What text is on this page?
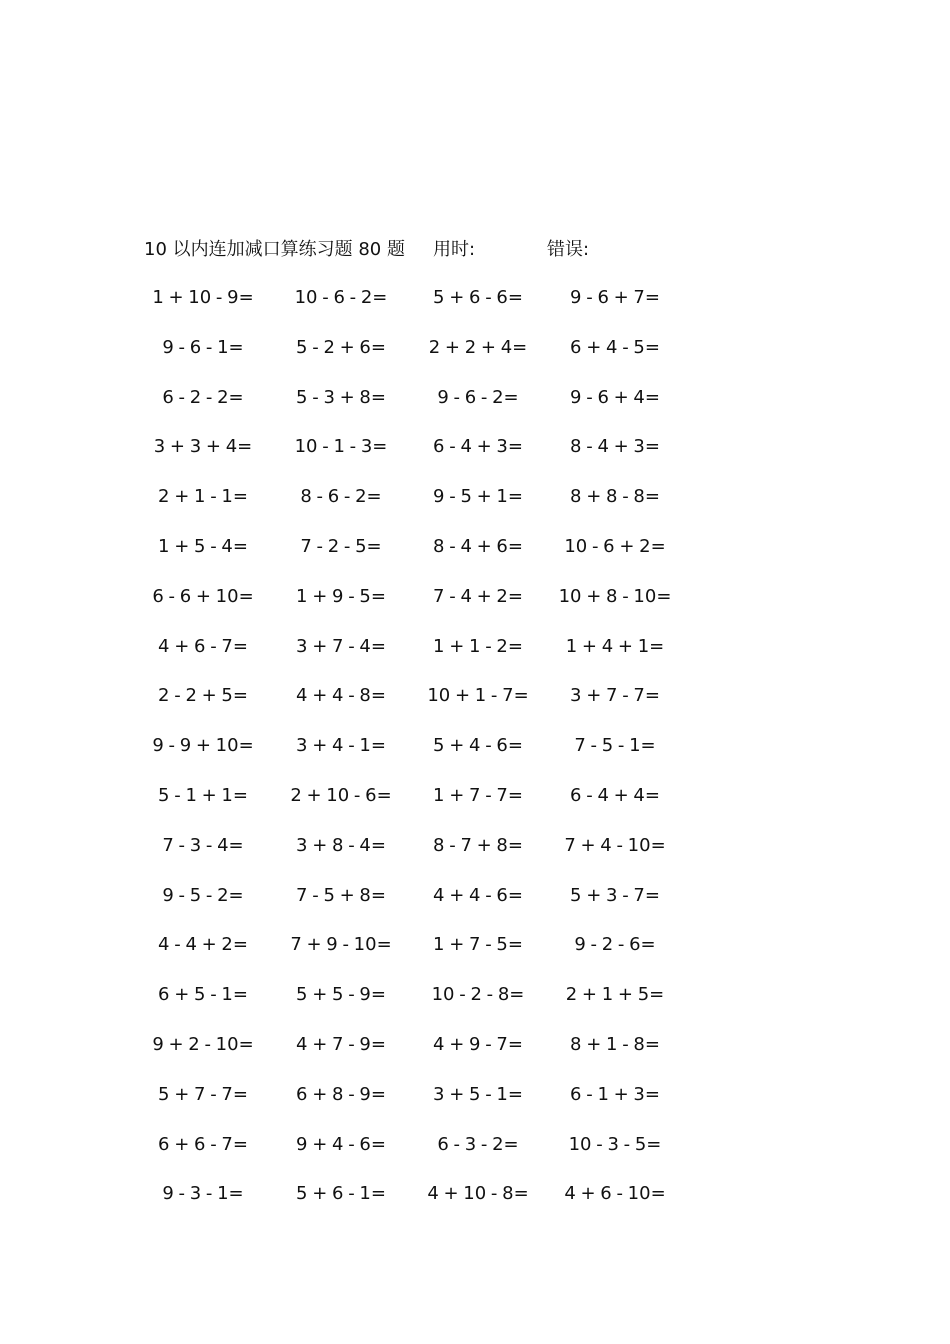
10 以内连加减口算练习题 80 题 用时:	错误:
1 + 10 - 9= 10 - 6 - 2=	5 + 6 - 6=	9 - 6 + 7=
9 - 6 - 1=	5 - 2 + 6= 2 + 2 + 4= 6 + 4 - 5=
6 - 2 - 2=	5 - 3 + 8=	9 - 6 - 2=	9 - 6 + 4=
3 + 3 + 4= 10 - 1 - 3=	6 - 4 + 3=	8 - 4 + 3=
2 + 1 - 1=	8 - 6 - 2=	9 - 5 + 1=	8 + 8 - 8=
1 + 5 - 4=	7 - 2 - 5=	8 - 4 + 6= 10 - 6 + 2=
6 - 6 + 10= 1 + 9 - 5=	7 - 4 + 2= 10 + 8 - 10=
4 + 6 - 7=	3 + 7 - 4=	1 + 1 - 2= 1 + 4 + 1=
2 - 2 + 5=	4 + 4 - 8= 10 + 1 - 7= 3 + 7 - 7=
9 - 9 + 10= 3 + 4 - 1=	5 + 4 - 6=	7 - 5 - 1=
5 - 1 + 1= 2 + 10 - 6= 1 + 7 - 7=	6 - 4 + 4=
7 - 3 - 4=	3 + 8 - 4=	8 - 7 + 8= 7 + 4 - 10=
9 - 5 - 2=	7 - 5 + 8=	4 + 4 - 6=	5 + 3 - 7=
4 - 4 + 2= 7 + 9 - 10= 1 + 7 - 5=	9 - 2 - 6=
6 + 5 - 1=	5 + 5 - 9=	10 - 2 - 8= 2 + 1 + 5=
9 + 2 - 10= 4 + 7 - 9=	4 + 9 - 7=	8 + 1 - 8=
5 + 7 - 7=	6 + 8 - 9=	3 + 5 - 1=	6 - 1 + 3=
6 + 6 - 7=	9 + 4 - 6=	6 - 3 - 2=	10 - 3 - 5=
9 - 3 - 1=	5 + 6 - 1= 4 + 10 - 8= 4 + 6 - 10=
